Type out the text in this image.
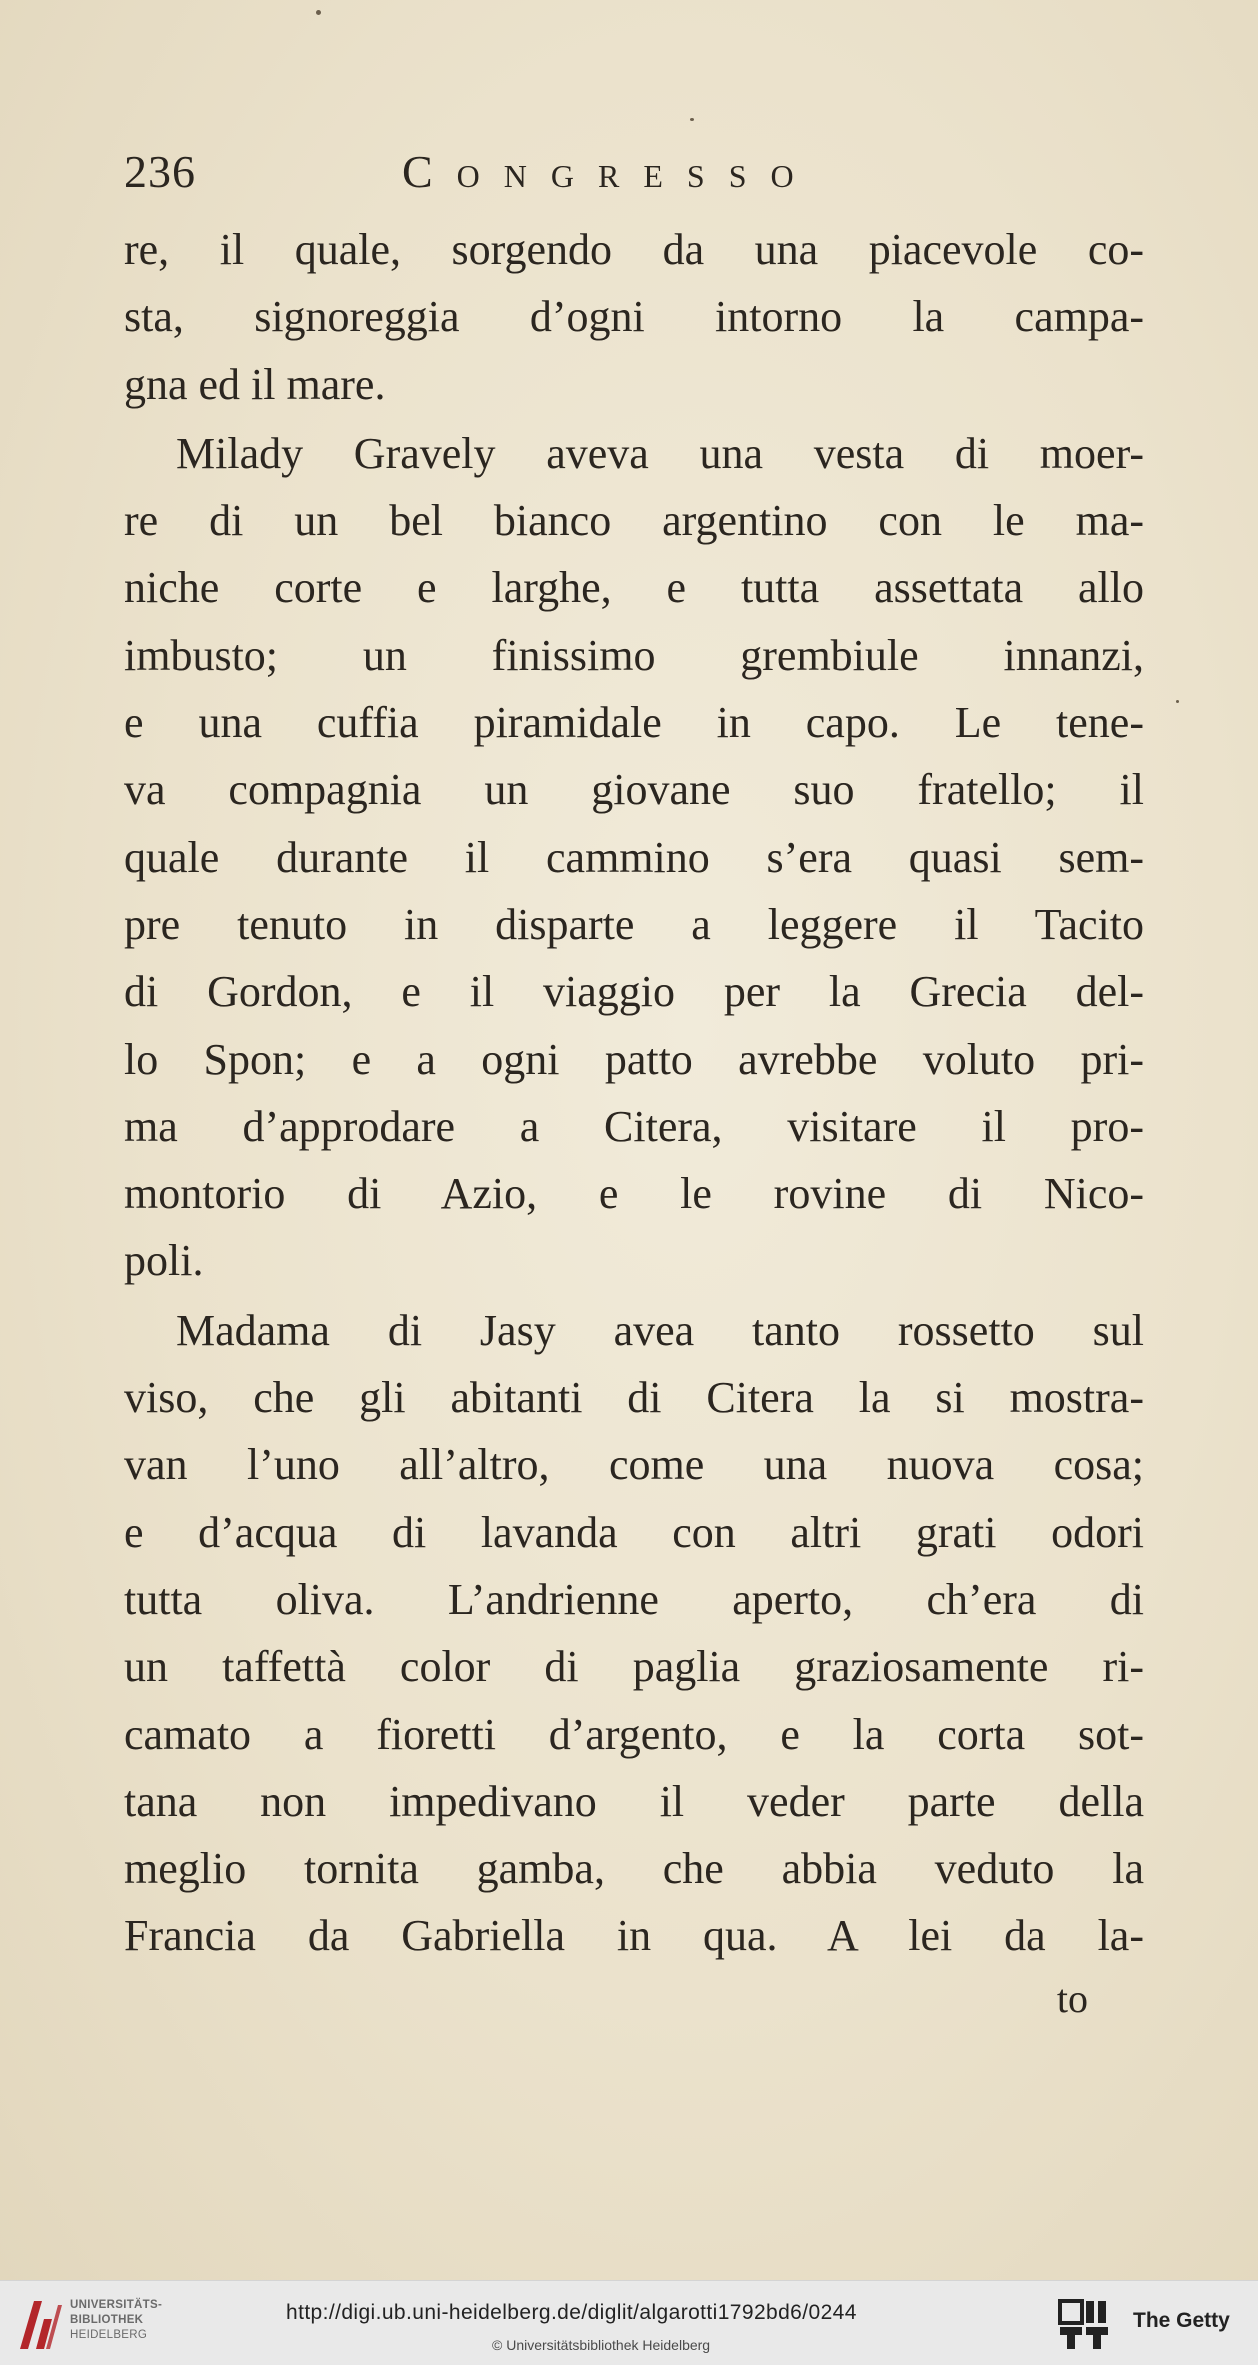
236	Congresso
re, il quale, sorgendo da una piacevole co-
sta, signoreggia d’ogni intorno la campa-
gna ed il mare.
Milady Gravely aveva una vesta di moer-
re di un bel bianco argentino con le ma-
niche corte e larghe, e tutta assettata allo
imbusto; un finissimo grembiule innanzi,
e una cuffia piramidale in capo. Le tene-
va compagnia un giovane suo fratello; il
quale durante il cammino s’era quasi sem-
pre tenuto in disparte a leggere il Tacito
di Gordon, e il viaggio per la Grecia del-
lo Spon; e a ogni patto avrebbe voluto pri-
ma d’approdare a Citera, visitare il pro-
montorio di Azio, e le rovine di Nico-
poli.
Madama di Jasy avea tanto rossetto sul
viso, che gli abitanti di Citera la si mostra-
van l’uno all’altro, come una nuova cosa;
e d’acqua di lavanda con altri grati odori
tutta oliva. L’andrienne aperto, ch’era di
un taffettà color di paglia graziosamente ri-
camato a fioretti d’argento, e la corta sot-
tana non impedivano il veder parte della
meglio tornita gamba, che abbia veduto la
Francia da Gabriella in qua. A lei da la-
to
UNIVERSITÄTS-
BIBLIOTHEK
HEIDELBERG
http://digi.ub.uni-heidelberg.de/diglit/algarotti1792bd6/0244
© Universitätsbibliothek Heidelberg
The Getty
